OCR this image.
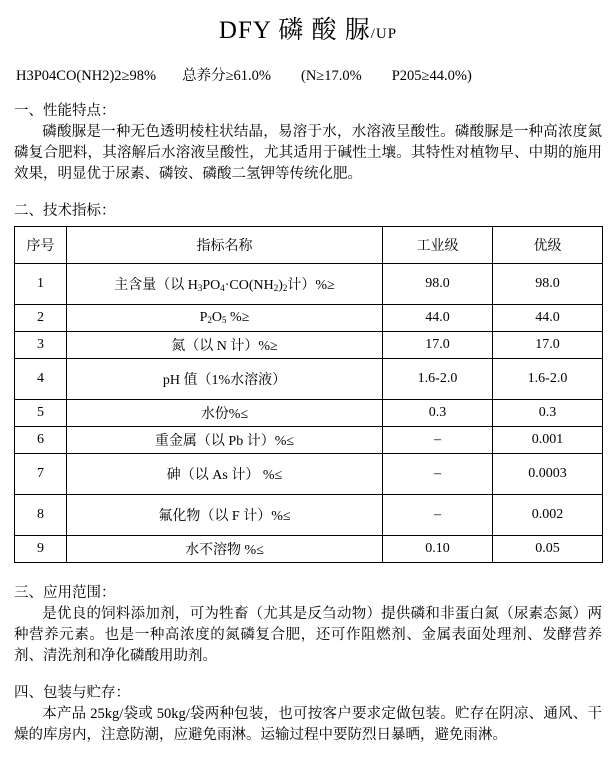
DFY 磷 酸 脲/UP
H3P04CO(NH2)2≥98% 总养分≥61.0% (N≥17.0% P205≥44.0%)
一、性能特点：

磷酸脲是一种无色透明棱柱状结晶，易溶于水，水溶液呈酸性。磷酸脲是一种高浓度氮磷复合肥料，其溶解后水溶液呈酸性，尤其适用于碱性土壤。其特性对植物早、中期的施用效果，明显优于尿素、磷铵、磷酸二氢钾等传统化肥。

二、技术指标：
序号	指标名称	工业级	优级
1	主含量（以 $H_3PO_4\cdot CO(NH_2)_2$计）%≥	98.0	98.0
2	$P_2O_5$ %≥	44.0	44.0
3	氮（以 N 计）%≥	17.0	17.0
4	pH 值（1%水溶液）	1.6-2.0	1.6-2.0
5	水份%≤	0.3	0.3
6	重金属（以 Pb 计）%≤	–	0.001
7	砷（以 As 计） %≤	–	0.0003
8	氟化物（以 F 计）%≤	–	0.002
9	水不溶物 %≤	0.10	0.05
三、应用范围：

是优良的饲料添加剂，可为牲畜（尤其是反刍动物）提供磷和非蛋白氮（尿素态氮）两种营养元素。也是一种高浓度的氮磷复合肥，还可作阻燃剂、金属表面处理剂、发酵营养剂、清洗剂和净化磷酸用助剂。

四、包装与贮存：

本产品 25kg/袋或 50kg/袋两种包装，也可按客户要求定做包装。贮存在阴凉、通风、干燥的库房内，注意防潮，应避免雨淋。运输过程中要防烈日暴晒，避免雨淋。
